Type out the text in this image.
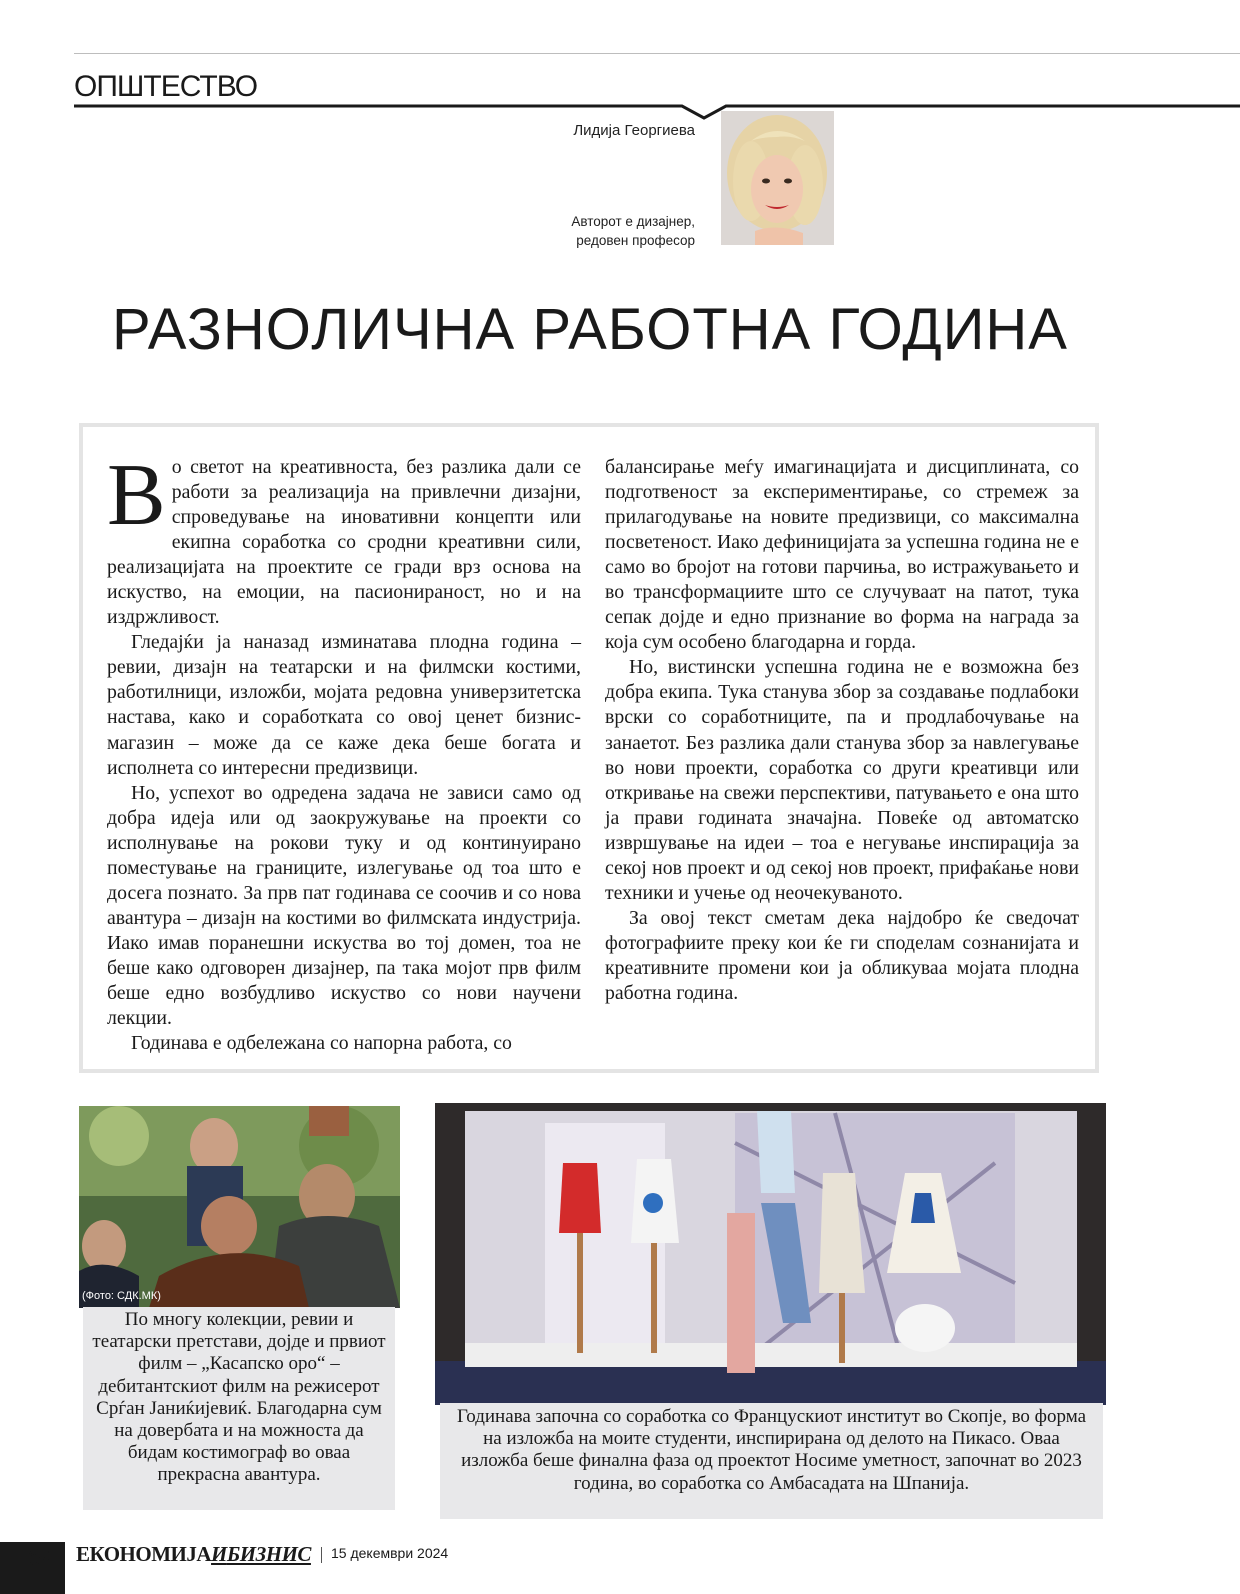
ОПШТЕСТВО
Лидија Георгиева
Авторот е дизајнер,
редовен професор
РАЗНОЛИЧНА РАБОТНА ГОДИНА

Во светот на креативноста, без разлика дали се работи за реализација на привлечни дизајни, спроведување на иновативни концепти или екипна соработка со сродни креативни сили, реализацијата на проектите се гради врз основа на искуство, на емоции, на пасионираност, но и на издржливост.

Гледајќи ја наназад изминатава плодна година – ревии, дизајн на театарски и на филмски костими, работилници, изложби, мојата редовна универзитетска настава, како и соработката со овој ценет бизнис-магазин – може да се каже дека беше богата и исполнета со интересни предизвици.

Но, успехот во одредена задача не зависи само од добра идеја или од заокружување на проекти со исполнување на рокови туку и од континуирано поместување на границите, излегување од тоа што е досега познато. За прв пат годинава се соочив и со нова авантура – дизајн на костими во филмската индустрија. Иако имав поранешни искуства во тој домен, тоа не беше како одговорен дизајнер, па така мојот прв филм беше едно возбудливо искуство со нови научени лекции.

Годинава е одбележана со напорна работа, со

балансирање меѓу имагинацијата и дисциплината, со подготвеност за експериментирање, со стремеж за прилагодување на новите предизвици, со максимална посветеност. Иако дефиницијата за успешна година не е само во бројот на готови парчиња, во истражувањето и во трансформациите што се случуваат на патот, тука сепак дојде и едно признание во форма на награда за која сум особено благодарна и горда.

Но, вистински успешна година не е возможна без добра екипа. Тука станува збор за создавање подлабоки врски со соработниците, па и продлабочување на занаетот. Без разлика дали станува збор за навлегување во нови проекти, соработка со други креативци или откривање на свежи перспективи, патувањето е она што ја прави годината значајна. Повеќе од автоматско извршување на идеи – тоа е негување инспирација за секој нов проект и од секој нов проект, прифаќање нови техники и учење од неочекуваното.

За овој текст сметам дека најдобро ќе сведочат фотографиите преку кои ќе ги споделам сознанијата и креативните промени кои ја обликуваа мојата плодна работна година.

(Фото: СДК.МК)
По многу колекции, ревии и театарски претстави, дојде и првиот филм – „Касапско оро“ – дебитантскиот филм на режисерот Срѓан Јаниќијевиќ. Благодарна сум на довербата и на можноста да бидам костимограф во оваа прекрасна авантура.
Годинава започна со соработка со Францускиот институт во Скопје, во форма на изложба на моите студенти, инспирирана од делото на Пикасо. Оваа изложба беше финална фаза од проектот Носиме уметност, започнат во 2023 година, во соработка со Амбасадата на Шпанија.
64 ЕКОНОМИЈАИБИЗНИС 15 декември 2024
